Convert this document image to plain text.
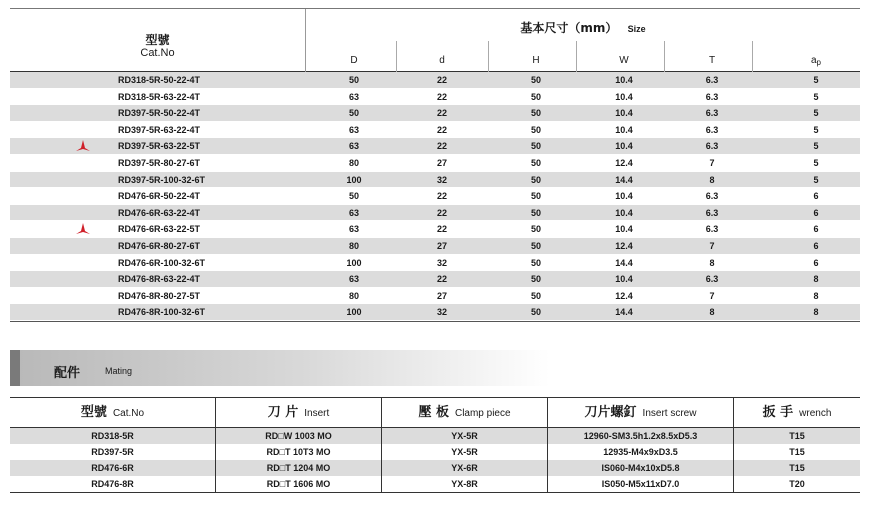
型號
Cat.No
基本尺寸（mm） Size
D	d	H	W	T	$a_p$
RD318-5R-50-22-4T	50	22	50	10.4	6.3	5
RD318-5R-63-22-4T	63	22	50	10.4	6.3	5
RD397-5R-50-22-4T	50	22	50	10.4	6.3	5
RD397-5R-63-22-4T	63	22	50	10.4	6.3	5
RD397-5R-63-22-5T	63	22	50	10.4	6.3	5
RD397-5R-80-27-6T	80	27	50	12.4	7	5
RD397-5R-100-32-6T	100	32	50	14.4	8	5
RD476-6R-50-22-4T	50	22	50	10.4	6.3	6
RD476-6R-63-22-4T	63	22	50	10.4	6.3	6
RD476-6R-63-22-5T	63	22	50	10.4	6.3	6
RD476-6R-80-27-6T	80	27	50	12.4	7	6
RD476-6R-100-32-6T	100	32	50	14.4	8	6
RD476-8R-63-22-4T	63	22	50	10.4	6.3	8
RD476-8R-80-27-5T	80	27	50	12.4	7	8
RD476-8R-100-32-6T	100	32	50	14.4	8	8
配件	Mating
型號 Cat.No	刀 片 Insert	壓 板 Clamp piece	刀片螺釘 Insert screw	扳 手 wrench
RD318-5R	RD□W 1003 MO	YX-5R	12960-SM3.5h1.2x8.5xD5.3	T15
RD397-5R	RD□T 10T3 MO	YX-5R	12935-M4x9xD3.5	T15
RD476-6R	RD□T 1204 MO	YX-6R	IS060-M4x10xD5.8	T15
RD476-8R	RD□T 1606 MO	YX-8R	IS050-M5x11xD7.0	T20
